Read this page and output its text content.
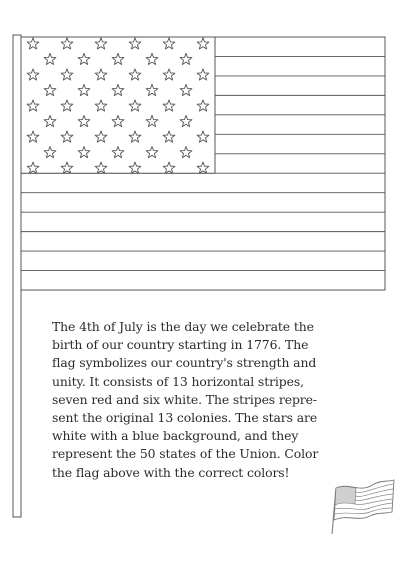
The 4th of July is the day we celebrate the
birth of our country starting in 1776. The
flag symbolizes our country's strength and
unity. It consists of 13 horizontal stripes,
seven red and six white. The stripes repre-
sent the original 13 colonies. The stars are
white with a blue background, and they
represent the 50 states of the Union. Color
the flag above with the correct colors!
